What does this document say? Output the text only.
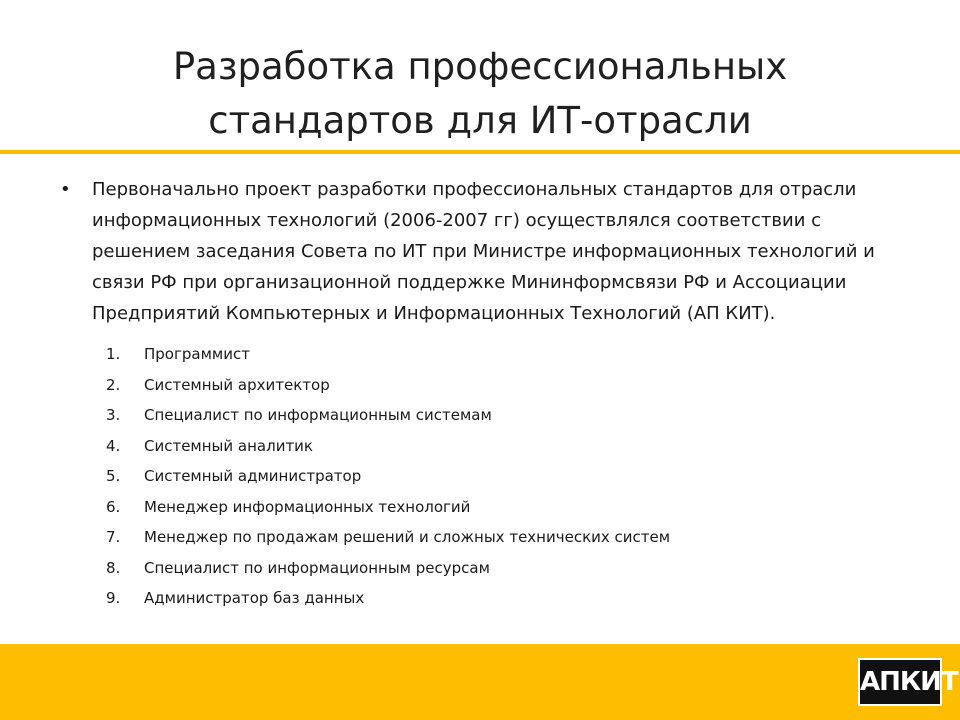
Разработка профессиональных
стандартов для ИТ-отрасли
• Первоначально проект разработки профессиональных стандартов для отрасли информационных технологий (2006-2007 гг) осуществлялся соответствии с решением заседания Совета по ИТ при Министре информационных технологий и связи РФ при организационной поддержке Мининформсвязи РФ и Ассоциации Предприятий Компьютерных и Информационных Технологий (АП КИТ).

1. Программист
2. Системный архитектор
3. Специалист по информационным системам
4. Системный аналитик
5. Системный администратор
6. Менеджер информационных технологий
7. Менеджер по продажам решений и сложных технических систем
8. Специалист по информационным ресурсам
9. Администратор баз данных
АПКИТ
